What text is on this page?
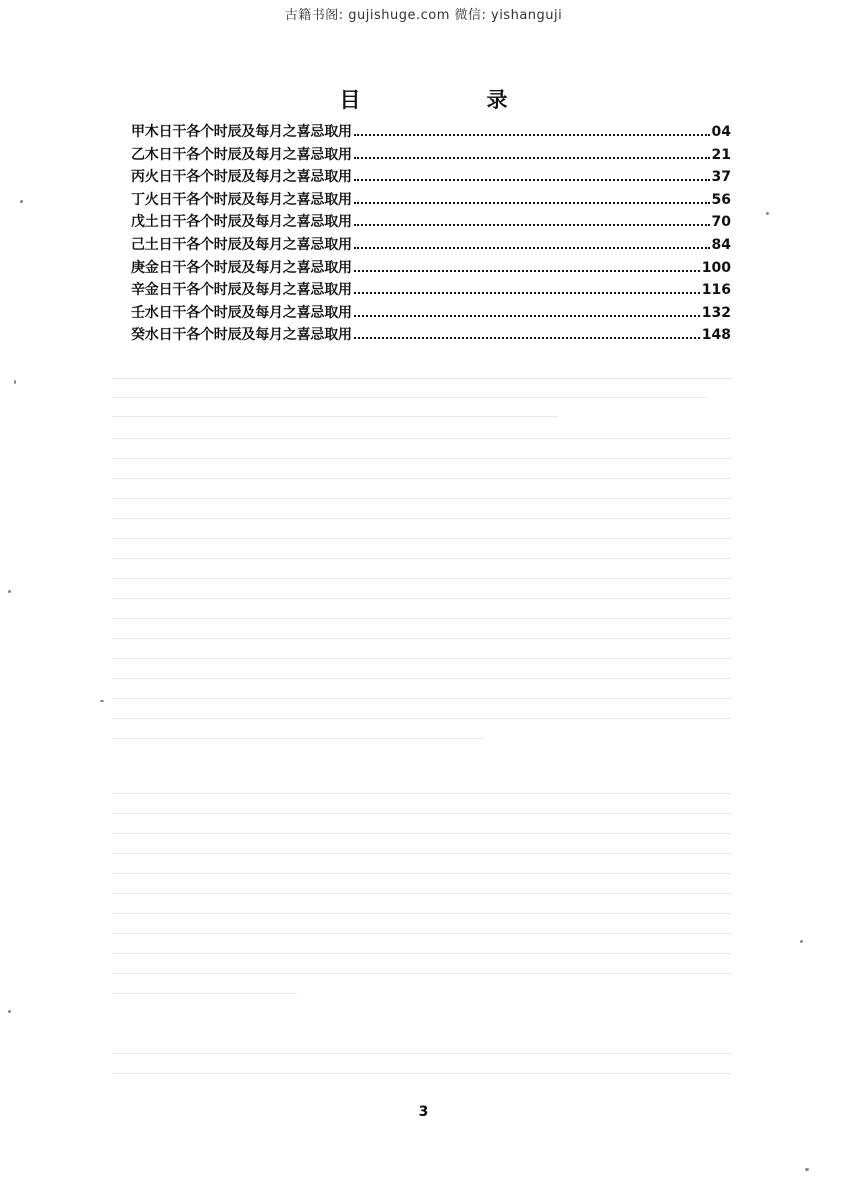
古籍书阁: gujishuge.com 微信: yishanguji
目	录
甲木日干各个时辰及每月之喜忌取用	04
乙木日干各个时辰及每月之喜忌取用	21
丙火日干各个时辰及每月之喜忌取用	37
丁火日干各个时辰及每月之喜忌取用	56
戊土日干各个时辰及每月之喜忌取用	70
己土日干各个时辰及每月之喜忌取用	84
庚金日干各个时辰及每月之喜忌取用	100
辛金日干各个时辰及每月之喜忌取用	116
壬水日干各个时辰及每月之喜忌取用	132
癸水日干各个时辰及每月之喜忌取用	148
3
